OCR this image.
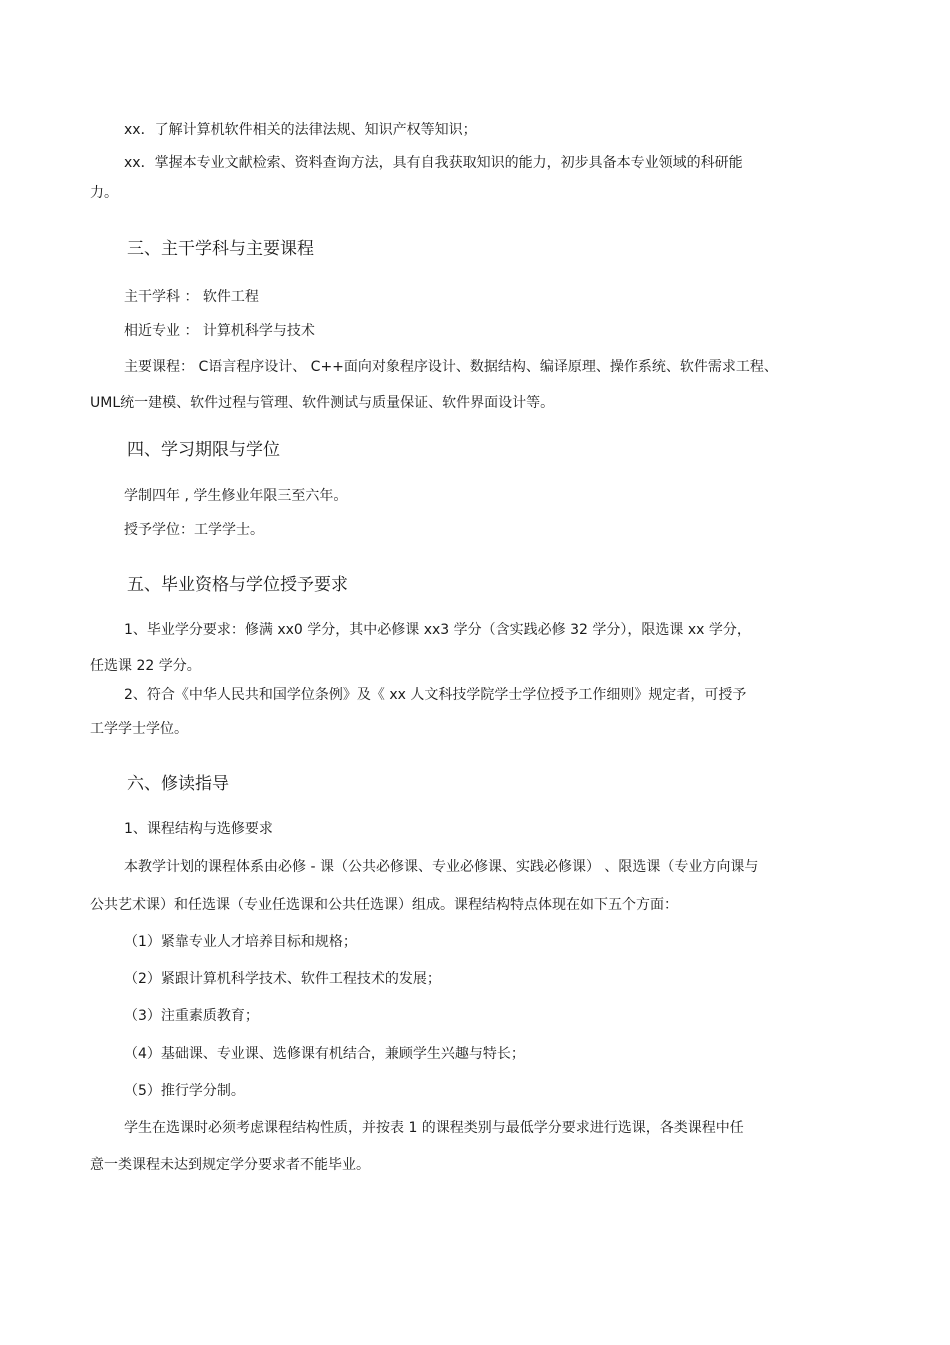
xx．了解计算机软件相关的法律法规、知识产权等知识；
xx．掌握本专业文献检索、资料查询方法，具有自我获取知识的能力，初步具备本专业领域的科研能
力。
三、主干学科与主要课程
主干学科 ： 软件工程
相近专业 ： 计算机科学与技术
主要课程： C语言程序设计、 C++面向对象程序设计、数据结构、编译原理、操作系统、软件需求工程、
UML统一建模、软件过程与管理、软件测试与质量保证、软件界面设计等。
四、学习期限与学位
学制四年 , 学生修业年限三至六年。
授予学位：工学学士。
五、毕业资格与学位授予要求
1、毕业学分要求：修满 xx0 学分，其中必修课 xx3 学分（含实践必修 32 学分），限选课 xx 学分，
任选课 22 学分。
2、符合《中华人民共和国学位条例》及《 xx 人文科技学院学士学位授予工作细则》规定者，可授予
工学学士学位。
六、修读指导
1、课程结构与选修要求
本教学计划的课程体系由必修 - 课（公共必修课、专业必修课、实践必修课） 、限选课（专业方向课与
公共艺术课）和任选课（专业任选课和公共任选课）组成。课程结构特点体现在如下五个方面：
（1）紧靠专业人才培养目标和规格；
（2）紧跟计算机科学技术、软件工程技术的发展；
（3）注重素质教育；
（4）基础课、专业课、选修课有机结合，兼顾学生兴趣与特长；
（5）推行学分制。
学生在选课时必须考虑课程结构性质，并按表 1 的课程类别与最低学分要求进行选课，各类课程中任
意一类课程未达到规定学分要求者不能毕业。
